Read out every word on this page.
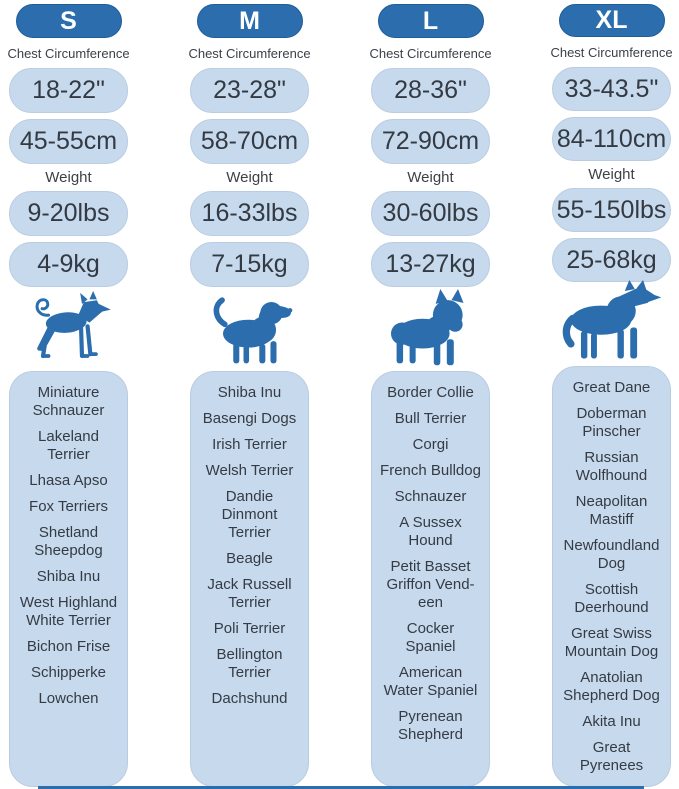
S
Chest Circumference
18-22"
45-55cm
Weight
9-20lbs
4-9kg
Miniature Schnauzer
Lakeland Terrier
Lhasa Apso
Fox Terriers
Shetland Sheepdog
Shiba Inu
West Highland White Terrier
Bichon Frise
Schipperke
Lowchen
M
Chest Circumference
23-28"
58-70cm
Weight
16-33lbs
7-15kg
Shiba Inu
Basengi Dogs
Irish Terrier
Welsh Terrier
Dandie Dinmont Terrier
Beagle
Jack Russell Terrier
Poli Terrier
Bellington Terrier
Dachshund
L
Chest Circumference
28-36"
72-90cm
Weight
30-60lbs
13-27kg
Border Collie
Bull Terrier
Corgi
French Bulldog
Schnauzer
A Sussex Hound
Petit Basset Griffon Vend-een
Cocker Spaniel
American Water Spaniel
Pyrenean Shepherd
XL
Chest Circumference
33-43.5"
84-110cm
Weight
55-150lbs
25-68kg
Great Dane
Doberman Pinscher
Russian Wolfhound
Neapolitan Mastiff
Newfoundland Dog
Scottish Deerhound
Great Swiss Mountain Dog
Anatolian Shepherd Dog
Akita Inu
Great Pyrenees
